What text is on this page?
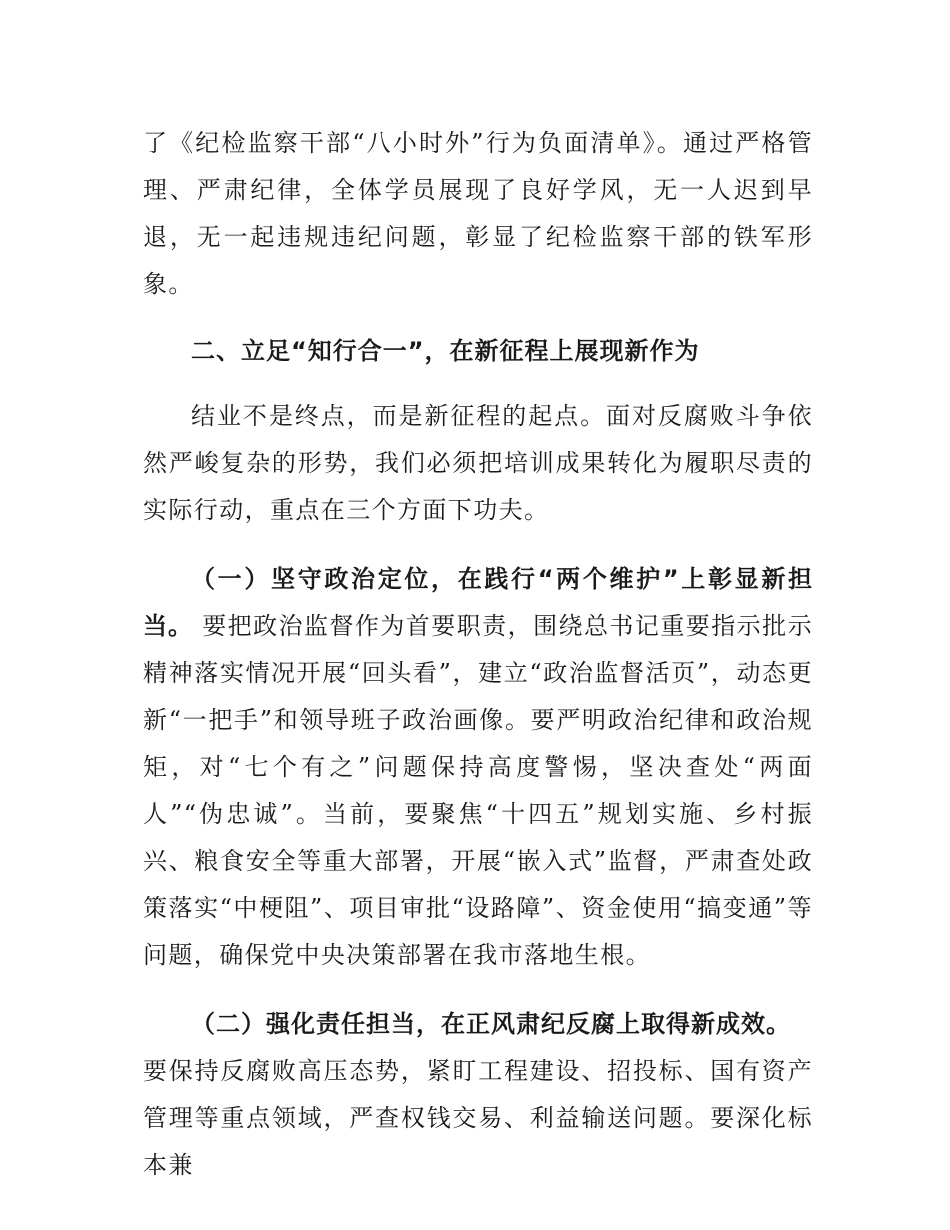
了《纪检监察干部“八小时外”行为负面清单》。通过严格管理、严肃纪律，全体学员展现了良好学风，无一人迟到早退，无一起违规违纪问题，彰显了纪检监察干部的铁军形象。

二、立足“知行合一”，在新征程上展现新作为

结业不是终点，而是新征程的起点。面对反腐败斗争依然严峻复杂的形势，我们必须把培训成果转化为履职尽责的实际行动，重点在三个方面下功夫。

（一）坚守政治定位，在践行“两个维护”上彰显新担当。 要把政治监督作为首要职责，围绕总书记重要指示批示精神落实情况开展“回头看”，建立“政治监督活页”，动态更新“一把手”和领导班子政治画像。要严明政治纪律和政治规矩，对“七个有之”问题保持高度警惕，坚决查处“两面人”“伪忠诚”。当前，要聚焦“十四五”规划实施、乡村振兴、粮食安全等重大部署，开展“嵌入式”监督，严肃查处政策落实“中梗阻”、项目审批“设路障”、资金使用“搞变通”等问题，确保党中央决策部署在我市落地生根。

（二）强化责任担当，在正风肃纪反腐上取得新成效。

要保持反腐败高压态势，紧盯工程建设、招投标、国有资产管理等重点领域，严查权钱交易、利益输送问题。要深化标本兼
